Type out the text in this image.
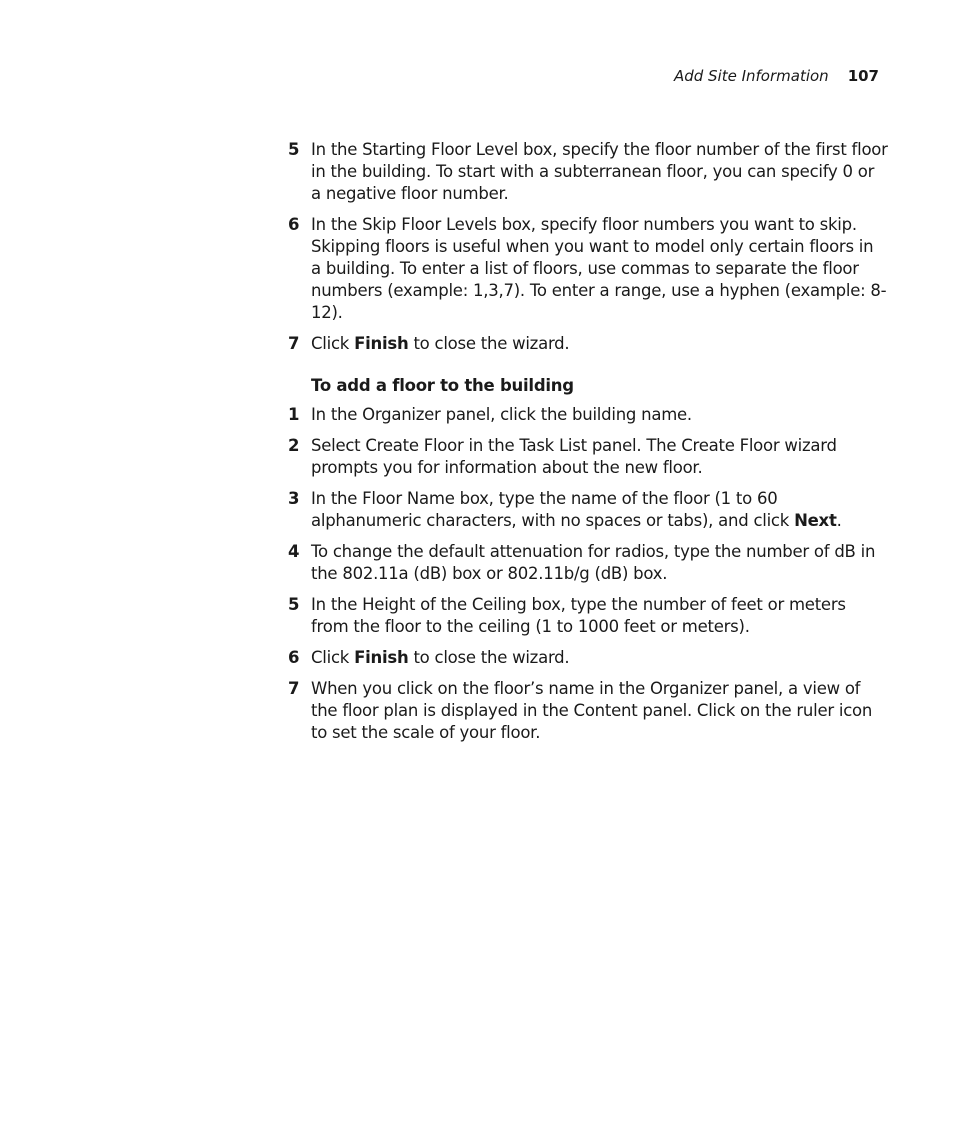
Add Site Information 107
5 In the Starting Floor Level box, specify the floor number of the first floor in the building. To start with a subterranean floor, you can specify 0 or a negative floor number.
6 In the Skip Floor Levels box, specify floor numbers you want to skip. Skipping floors is useful when you want to model only certain floors in a building. To enter a list of floors, use commas to separate the floor numbers (example: 1,3,7). To enter a range, use a hyphen (example: 8-12).
7 Click Finish to close the wizard.
To add a floor to the building
1 In the Organizer panel, click the building name.
2 Select Create Floor in the Task List panel. The Create Floor wizard prompts you for information about the new floor.
3 In the Floor Name box, type the name of the floor (1 to 60 alphanumeric characters, with no spaces or tabs), and click Next.
4 To change the default attenuation for radios, type the number of dB in the 802.11a (dB) box or 802.11b/g (dB) box.
5 In the Height of the Ceiling box, type the number of feet or meters from the floor to the ceiling (1 to 1000 feet or meters).
6 Click Finish to close the wizard.
7 When you click on the floor’s name in the Organizer panel, a view of the floor plan is displayed in the Content panel. Click on the ruler icon to set the scale of your floor.
